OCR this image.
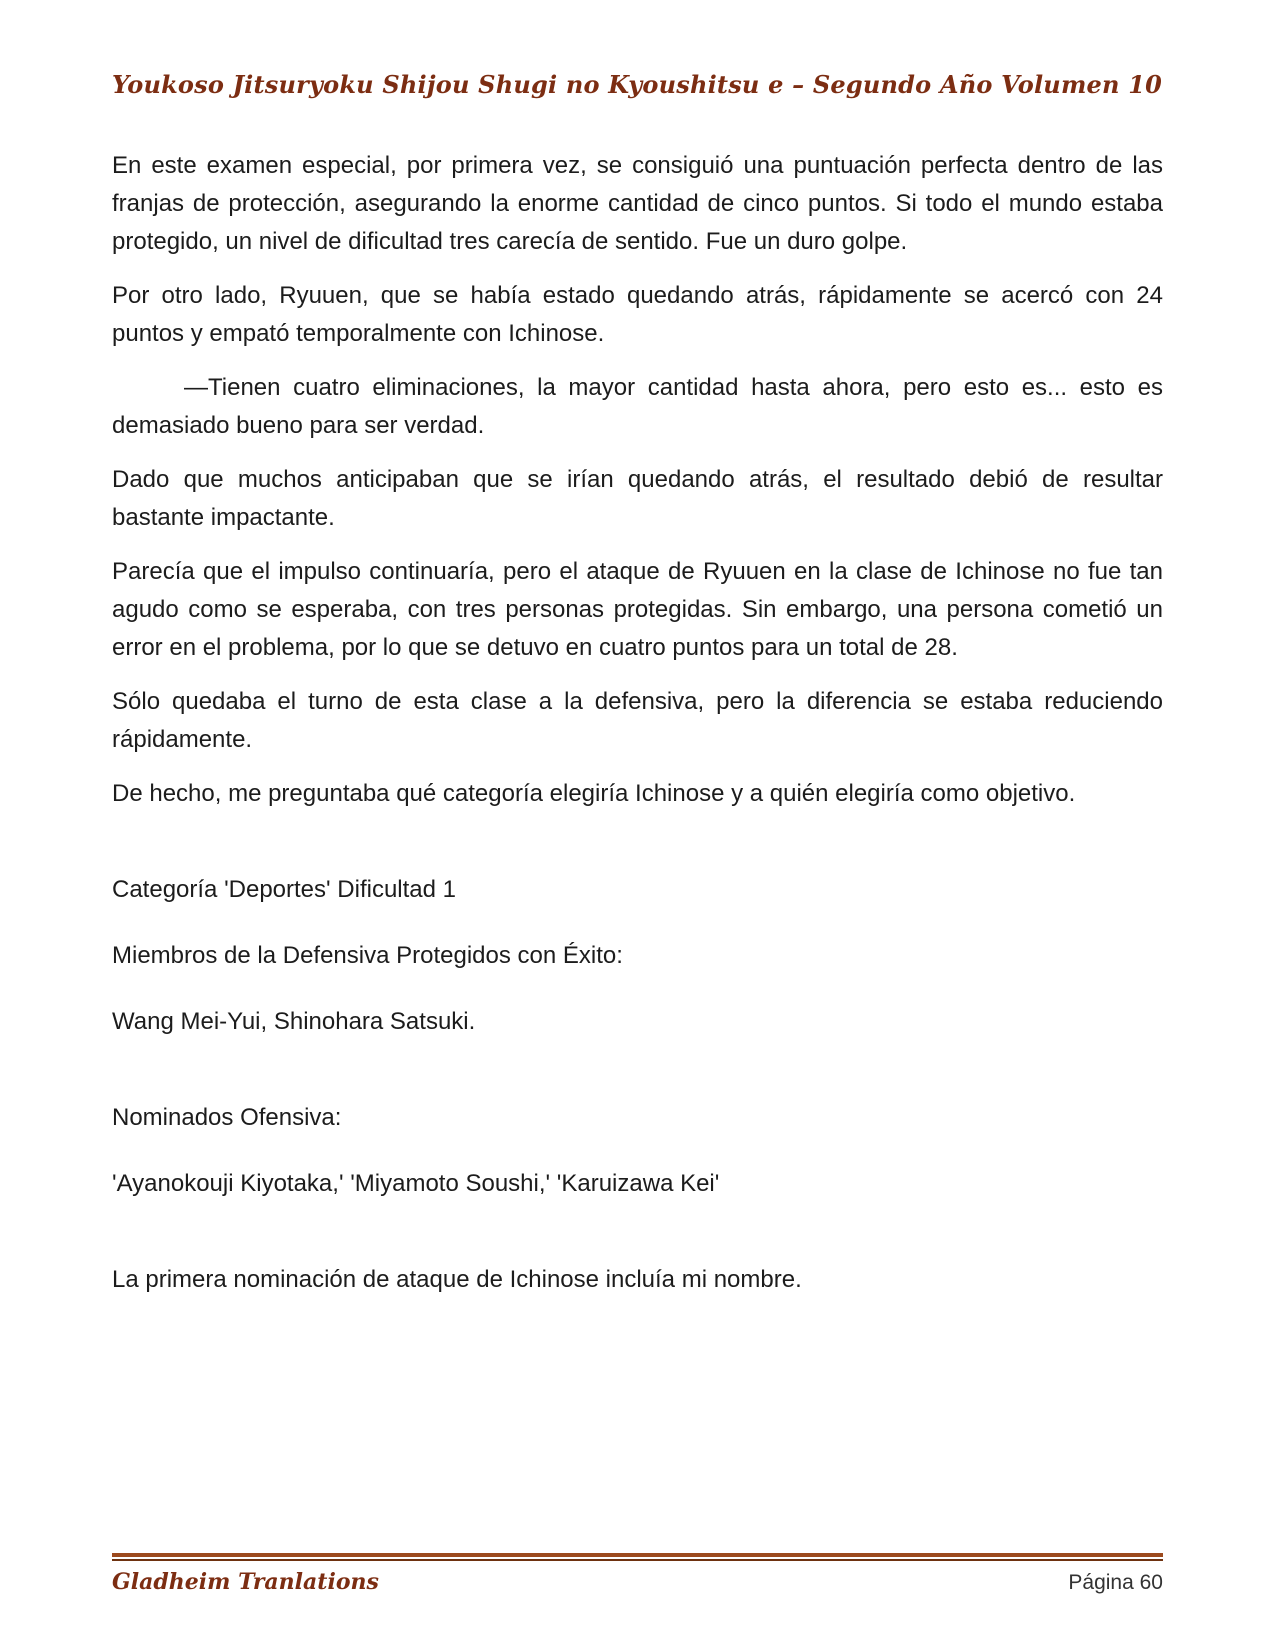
Youkoso Jitsuryoku Shijou Shugi no Kyoushitsu e – Segundo Año Volumen 10

En este examen especial, por primera vez, se consiguió una puntuación perfecta dentro de las franjas de protección, asegurando la enorme cantidad de cinco puntos. Si todo el mundo estaba protegido, un nivel de dificultad tres carecía de sentido. Fue un duro golpe.

Por otro lado, Ryuuen, que se había estado quedando atrás, rápidamente se acercó con 24 puntos y empató temporalmente con Ichinose.

—Tienen cuatro eliminaciones, la mayor cantidad hasta ahora, pero esto es... esto es demasiado bueno para ser verdad.

Dado que muchos anticipaban que se irían quedando atrás, el resultado debió de resultar bastante impactante.

Parecía que el impulso continuaría, pero el ataque de Ryuuen en la clase de Ichinose no fue tan agudo como se esperaba, con tres personas protegidas. Sin embargo, una persona cometió un error en el problema, por lo que se detuvo en cuatro puntos para un total de 28.

Sólo quedaba el turno de esta clase a la defensiva, pero la diferencia se estaba reduciendo rápidamente.

De hecho, me preguntaba qué categoría elegiría Ichinose y a quién elegiría como objetivo.

Categoría 'Deportes' Dificultad 1

Miembros de la Defensiva Protegidos con Éxito:

Wang Mei-Yui, Shinohara Satsuki.

Nominados Ofensiva:

'Ayanokouji Kiyotaka,' 'Miyamoto Soushi,' 'Karuizawa Kei'

La primera nominación de ataque de Ichinose incluía mi nombre.

Gladheim Tranlations	Página 60
